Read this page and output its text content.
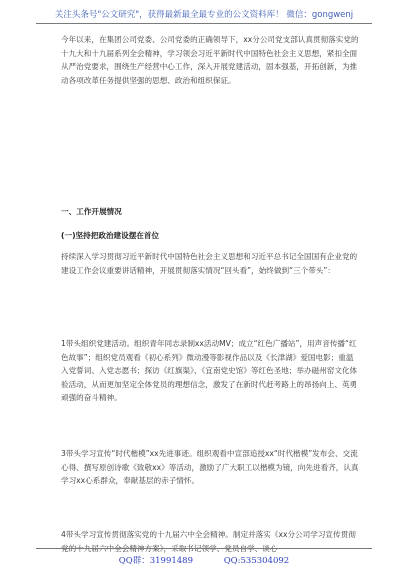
关注头条号"公文研究"，获得最新最全最专业的公文资料库！ 微信：gongwenj

今年以来，在集团公司党委、公司党委的正确领导下，xx分公司党支部认真贯彻落实党的十九大和十九届系列全会精神，学习领会习近平新时代中国特色社会主义思想，紧扣全面从严治党要求，围绕生产经营中心工作，深入开展党建活动，固本强基，开拓创新，为推动各项改革任务提供坚强的思想、政治和组织保证。

一、工作开展情况
(一)坚持把政治建设摆在首位

持续深入学习贯彻习近平新时代中国特色社会主义思想和习近平总书记全国国有企业党的建设工作会议重要讲话精神，开展贯彻落实情况“回头看”，始终做到“三个带头”：

1带头组织党建活动。组织青年同志录制xx活动MV；成立“红色广播站”，用声音传播“红色故事”；组织党员观看《初心系列》微动漫等影视作品以及《长津湖》爱国电影；重温入党誓词、入党志愿书；探访《红旗渠》、《宜南党史馆》等红色圣地；举办磁州窑文化体验活动，从而更加坚定全体党员的理想信念，激发了在新时代赶考路上的昂扬向上、英勇顽强的奋斗精神。

3带头学习宣传“时代楷模”xx先进事迹。组织观看中宣部追授xx“时代楷模”发布会、交流心得、撰写原创诗歌《致敬xx》等活动，激励了广大职工以楷模为镜，向先进看齐，认真学习xx心系群众，奉献基层的赤子情怀。

4带头学习宣传贯彻落实党的十九届六中全会精神。制定并落实《xx分公司学习宣传贯彻党的十九届六中全会精神方案》，采取书记领学、党员自学、谈心

QQ群：31991489	QQ:535304092
